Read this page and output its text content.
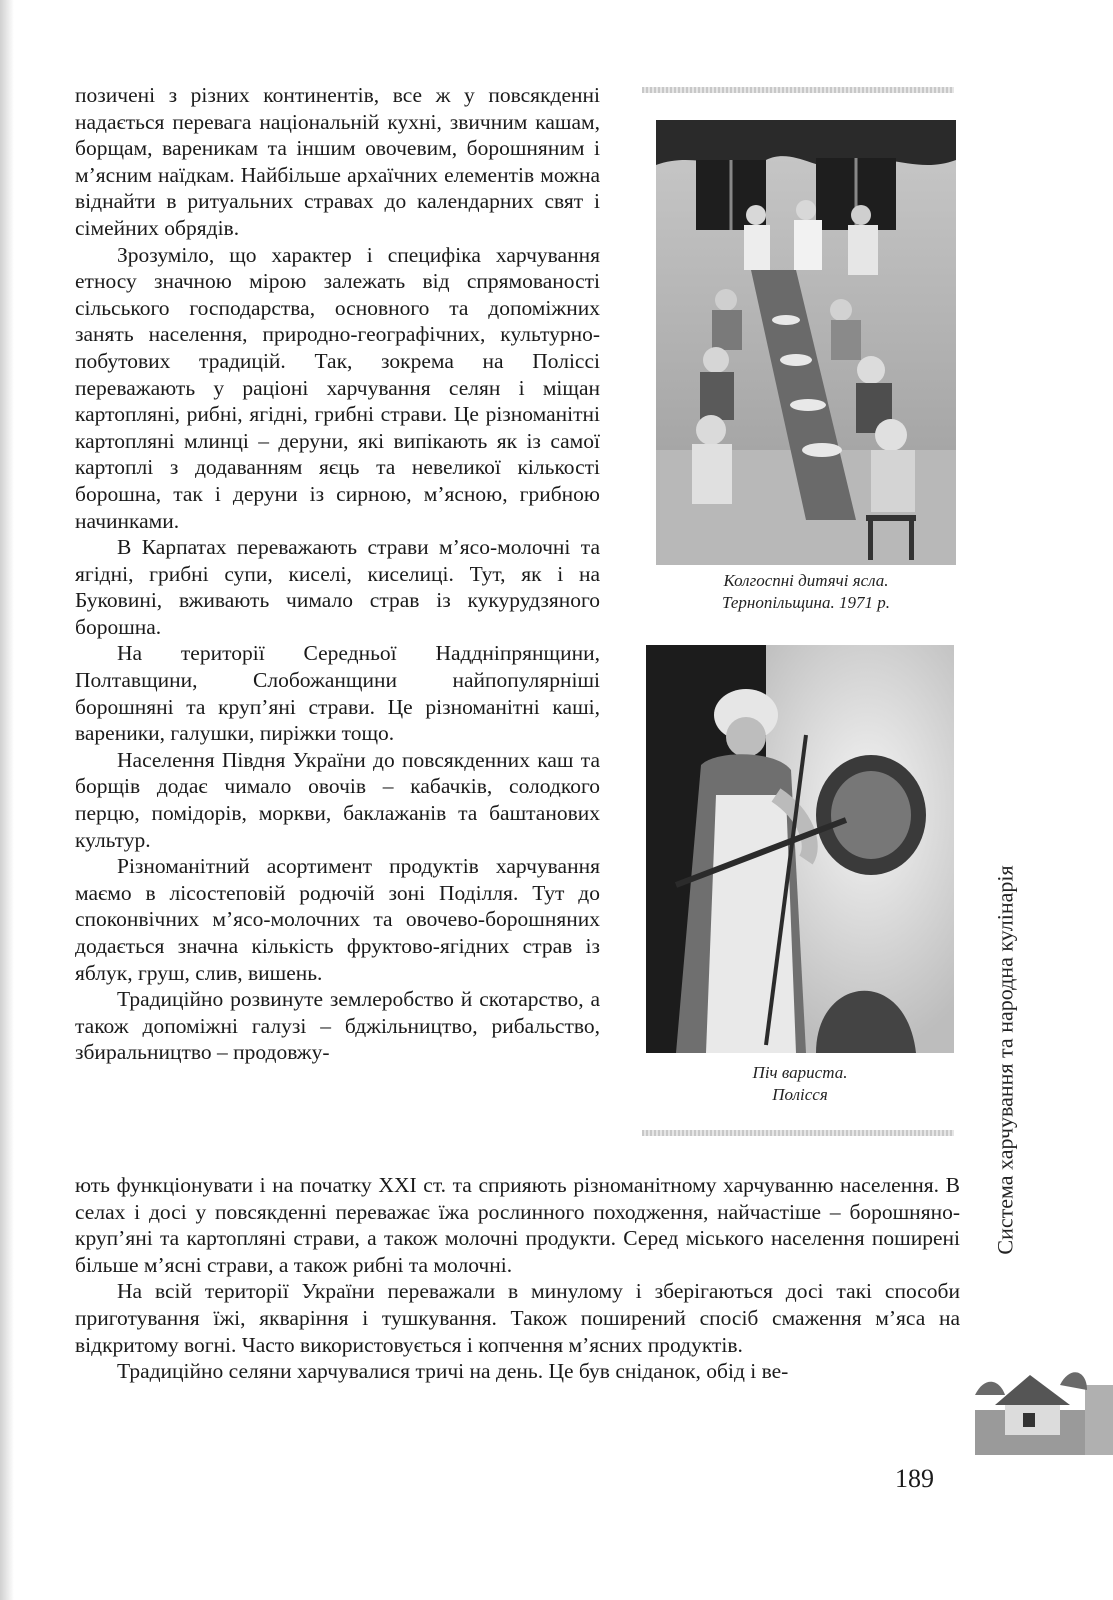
позичені з різних континентів, все ж у повсякденні надається перевага національній кухні, звичним кашам, борщам, вареникам та іншим овочевим, борошняним і м’ясним наїдкам. Найбільше архаїчних елементів можна віднайти в ритуальних стравах до календарних свят і сімейних обрядів.

Зрозуміло, що характер і специфіка харчування етносу значною мірою залежать від спрямованості сільського господарства, основного та допоміжних занять населення, природно-географічних, культурно-побутових традицій. Так, зокрема на Поліссі переважають у раціоні харчування селян і міщан картопляні, рибні, ягідні, грибні страви. Це різноманітні картопляні млинці – деруни, які випікають як із самої картоплі з додаванням яєць та невеликої кількості борошна, так і деруни із сирною, м’ясною, грибною начинками.

В Карпатах переважають страви м’ясо-молочні та ягідні, грибні супи, киселі, киселиці. Тут, як і на Буковині, вживають чимало страв із кукурудзяного борошна.

На території Середньої Наддніпрянщини, Полтавщини, Слобожанщини найпопулярніші борошняні та круп’яні страви. Це різноманітні каші, вареники, галушки, пиріжки тощо.

Населення Півдня України до повсякденних каш та борщів додає чимало овочів – кабачків, солодкого перцю, помідорів, моркви, баклажанів та баштанових культур.

Різноманітний асортимент продуктів харчування маємо в лісостеповій родючій зоні Поділля. Тут до споконвічних м’ясо-молочних та овочево-борошняних додається значна кількість фруктово-ягідних страв із яблук, груш, слив, вишень.

Традиційно розвинуте землеробство й скотарство, а також допоміжні галузі – бджільництво, рибальство, збиральництво – продовжу-

ють функціонувати і на початку ХХІ ст. та сприяють різноманітному харчуванню населення. В селах і досі у повсякденні переважає їжа рослинного походження, найчастіше – борошняно-круп’яні та картопляні страви, а також молочні продукти. Серед міського населення поширені більше м’ясні страви, а також рибні та молочні.

На всій території України переважали в минулому і зберігаються досі такі способи приготування їжі, якваріння і тушкування. Також поширений спосіб смаження м’яса на відкритому вогні. Часто використовується і копчення м’ясних продуктів.

Традиційно селяни харчувалися тричі на день. Це був сніданок, обід і ве-

Колгоспні дитячі ясла.
Тернопільщина. 1971 р.
Піч вариста.
Полісся	Система харчування та народна кулінарія
189
